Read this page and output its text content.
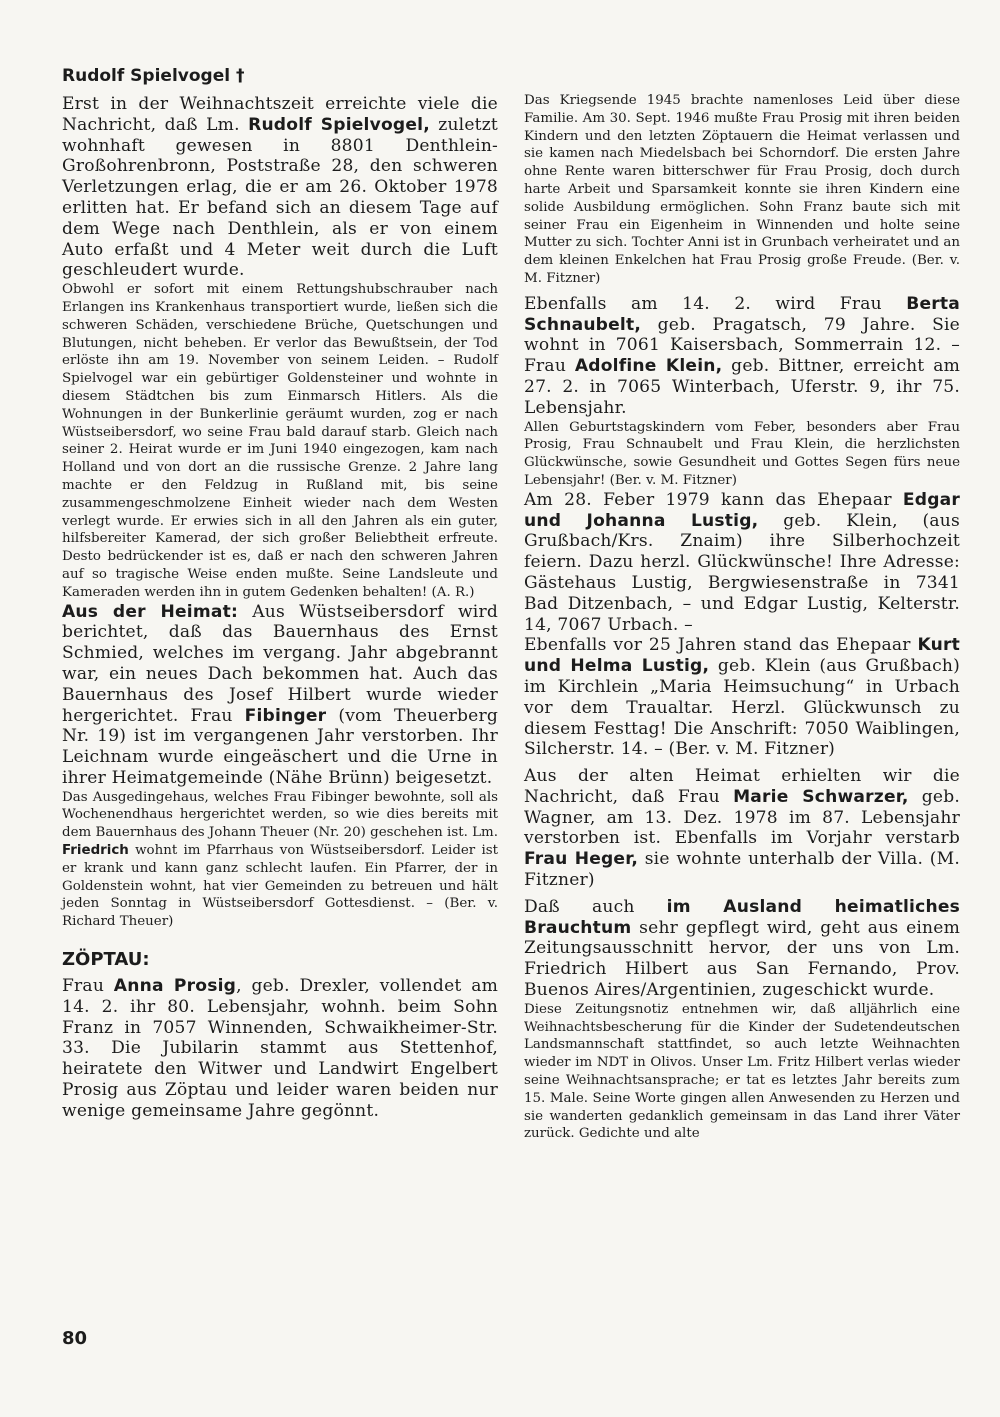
Rudolf Spielvogel †

Erst in der Weihnachtszeit erreichte viele die Nachricht, daß Lm. Rudolf Spielvogel, zuletzt wohnhaft gewesen in 8801 Denthlein-Großohrenbronn, Poststraße 28, den schweren Verletzungen erlag, die er am 26. Oktober 1978 erlitten hat. Er befand sich an diesem Tage auf dem Wege nach Denthlein, als er von einem Auto erfaßt und 4 Meter weit durch die Luft geschleudert wurde.

Obwohl er sofort mit einem Rettungshubschrauber nach Erlangen ins Krankenhaus transportiert wurde, ließen sich die schweren Schäden, verschiedene Brüche, Quetschungen und Blutungen, nicht beheben. Er verlor das Bewußtsein, der Tod erlöste ihn am 19. November von seinem Leiden. – Rudolf Spielvogel war ein gebürtiger Goldensteiner und wohnte in diesem Städtchen bis zum Einmarsch Hitlers. Als die Wohnungen in der Bunkerlinie geräumt wurden, zog er nach Wüstseibersdorf, wo seine Frau bald darauf starb. Gleich nach seiner 2. Heirat wurde er im Juni 1940 eingezogen, kam nach Holland und von dort an die russische Grenze. 2 Jahre lang machte er den Feldzug in Rußland mit, bis seine zusammengeschmolzene Einheit wieder nach dem Westen verlegt wurde. Er erwies sich in all den Jahren als ein guter, hilfsbereiter Kamerad, der sich großer Beliebtheit erfreute. Desto bedrückender ist es, daß er nach den schweren Jahren auf so tragische Weise enden mußte. Seine Landsleute und Kameraden werden ihn in gutem Gedenken behalten! (A. R.)

Aus der Heimat: Aus Wüstseibersdorf wird berichtet, daß das Bauernhaus des Ernst Schmied, welches im vergang. Jahr abgebrannt war, ein neues Dach bekommen hat. Auch das Bauernhaus des Josef Hilbert wurde wieder hergerichtet. Frau Fibinger (vom Theuerberg Nr. 19) ist im vergangenen Jahr verstorben. Ihr Leichnam wurde eingeäschert und die Urne in ihrer Heimatgemeinde (Nähe Brünn) beigesetzt.

Das Ausgedingehaus, welches Frau Fibinger bewohnte, soll als Wochenendhaus hergerichtet werden, so wie dies bereits mit dem Bauernhaus des Johann Theuer (Nr. 20) geschehen ist. Lm. Friedrich wohnt im Pfarrhaus von Wüstseibersdorf. Leider ist er krank und kann ganz schlecht laufen. Ein Pfarrer, der in Goldenstein wohnt, hat vier Gemeinden zu betreuen und hält jeden Sonntag in Wüstseibersdorf Gottesdienst. – (Ber. v. Richard Theuer)

ZÖPTAU:

Frau Anna Prosig, geb. Drexler, vollendet am 14. 2. ihr 80. Lebensjahr, wohnh. beim Sohn Franz in 7057 Winnenden, Schwaikheimer-Str. 33. Die Jubilarin stammt aus Stettenhof, heiratete den Witwer und Landwirt Engelbert Prosig aus Zöptau und leider waren beiden nur wenige gemeinsame Jahre gegönnt.

Das Kriegsende 1945 brachte namenloses Leid über diese Familie. Am 30. Sept. 1946 mußte Frau Prosig mit ihren beiden Kindern und den letzten Zöptauern die Heimat verlassen und sie kamen nach Miedelsbach bei Schorndorf. Die ersten Jahre ohne Rente waren bitterschwer für Frau Prosig, doch durch harte Arbeit und Sparsamkeit konnte sie ihren Kindern eine solide Ausbildung ermöglichen. Sohn Franz baute sich mit seiner Frau ein Eigenheim in Winnenden und holte seine Mutter zu sich. Tochter Anni ist in Grunbach verheiratet und an dem kleinen Enkelchen hat Frau Prosig große Freude. (Ber. v. M. Fitzner)

Ebenfalls am 14. 2. wird Frau Berta Schnaubelt, geb. Pragatsch, 79 Jahre. Sie wohnt in 7061 Kaisersbach, Sommerrain 12. – Frau Adolfine Klein, geb. Bittner, erreicht am 27. 2. in 7065 Winterbach, Uferstr. 9, ihr 75. Lebensjahr.

Allen Geburtstagskindern vom Feber, besonders aber Frau Prosig, Frau Schnaubelt und Frau Klein, die herzlichsten Glückwünsche, sowie Gesundheit und Gottes Segen fürs neue Lebensjahr! (Ber. v. M. Fitzner)

Am 28. Feber 1979 kann das Ehepaar Edgar und Johanna Lustig, geb. Klein, (aus Grußbach/Krs. Znaim) ihre Silberhochzeit feiern. Dazu herzl. Glückwünsche! Ihre Adresse: Gästehaus Lustig, Bergwiesenstraße in 7341 Bad Ditzenbach, – und Edgar Lustig, Kelterstr. 14, 7067 Urbach. –

Ebenfalls vor 25 Jahren stand das Ehepaar Kurt und Helma Lustig, geb. Klein (aus Grußbach) im Kirchlein „Maria Heimsuchung“ in Urbach vor dem Traualtar. Herzl. Glückwunsch zu diesem Festtag! Die Anschrift: 7050 Waiblingen, Silcherstr. 14. – (Ber. v. M. Fitzner)

Aus der alten Heimat erhielten wir die Nachricht, daß Frau Marie Schwarzer, geb. Wagner, am 13. Dez. 1978 im 87. Lebensjahr verstorben ist. Ebenfalls im Vorjahr verstarb Frau Heger, sie wohnte unterhalb der Villa. (M. Fitzner)

Daß auch im Ausland heimatliches Brauchtum sehr gepflegt wird, geht aus einem Zeitungsausschnitt hervor, der uns von Lm. Friedrich Hilbert aus San Fernando, Prov. Buenos Aires/Argentinien, zugeschickt wurde.

Diese Zeitungsnotiz entnehmen wir, daß alljährlich eine Weihnachtsbescherung für die Kinder der Sudetendeutschen Landsmannschaft stattfindet, so auch letzte Weihnachten wieder im NDT in Olivos. Unser Lm. Fritz Hilbert verlas wieder seine Weihnachtsansprache; er tat es letztes Jahr bereits zum 15. Male. Seine Worte gingen allen Anwesenden zu Herzen und sie wanderten gedanklich gemeinsam in das Land ihrer Väter zurück. Gedichte und alte

80
